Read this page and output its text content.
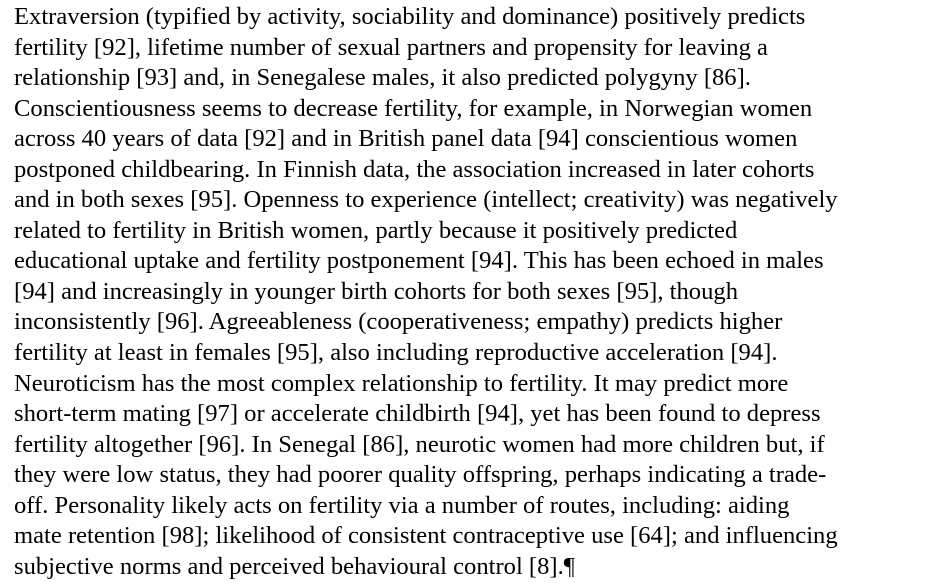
Extraversion (typified by activity, sociability and dominance) positively predicts
fertility [92], lifetime number of sexual partners and propensity for leaving a
relationship [93] and, in Senegalese males, it also predicted polygyny [86].
Conscientiousness seems to decrease fertility, for example, in Norwegian women
across 40 years of data [92] and in British panel data [94] conscientious women
postponed childbearing. In Finnish data, the association increased in later cohorts
and in both sexes [95]. Openness to experience (intellect; creativity) was negatively
related to fertility in British women, partly because it positively predicted
educational uptake and fertility postponement [94]. This has been echoed in males
[94] and increasingly in younger birth cohorts for both sexes [95], though
inconsistently [96]. Agreeableness (cooperativeness; empathy) predicts higher
fertility at least in females [95], also including reproductive acceleration [94].
Neuroticism has the most complex relationship to fertility. It may predict more
short-term mating [97] or accelerate childbirth [94], yet has been found to depress
fertility altogether [96]. In Senegal [86], neurotic women had more children but, if
they were low status, they had poorer quality offspring, perhaps indicating a trade-
off. Personality likely acts on fertility via a number of routes, including: aiding
mate retention [98]; likelihood of consistent contraceptive use [64]; and influencing
subjective norms and perceived behavioural control [8].¶
